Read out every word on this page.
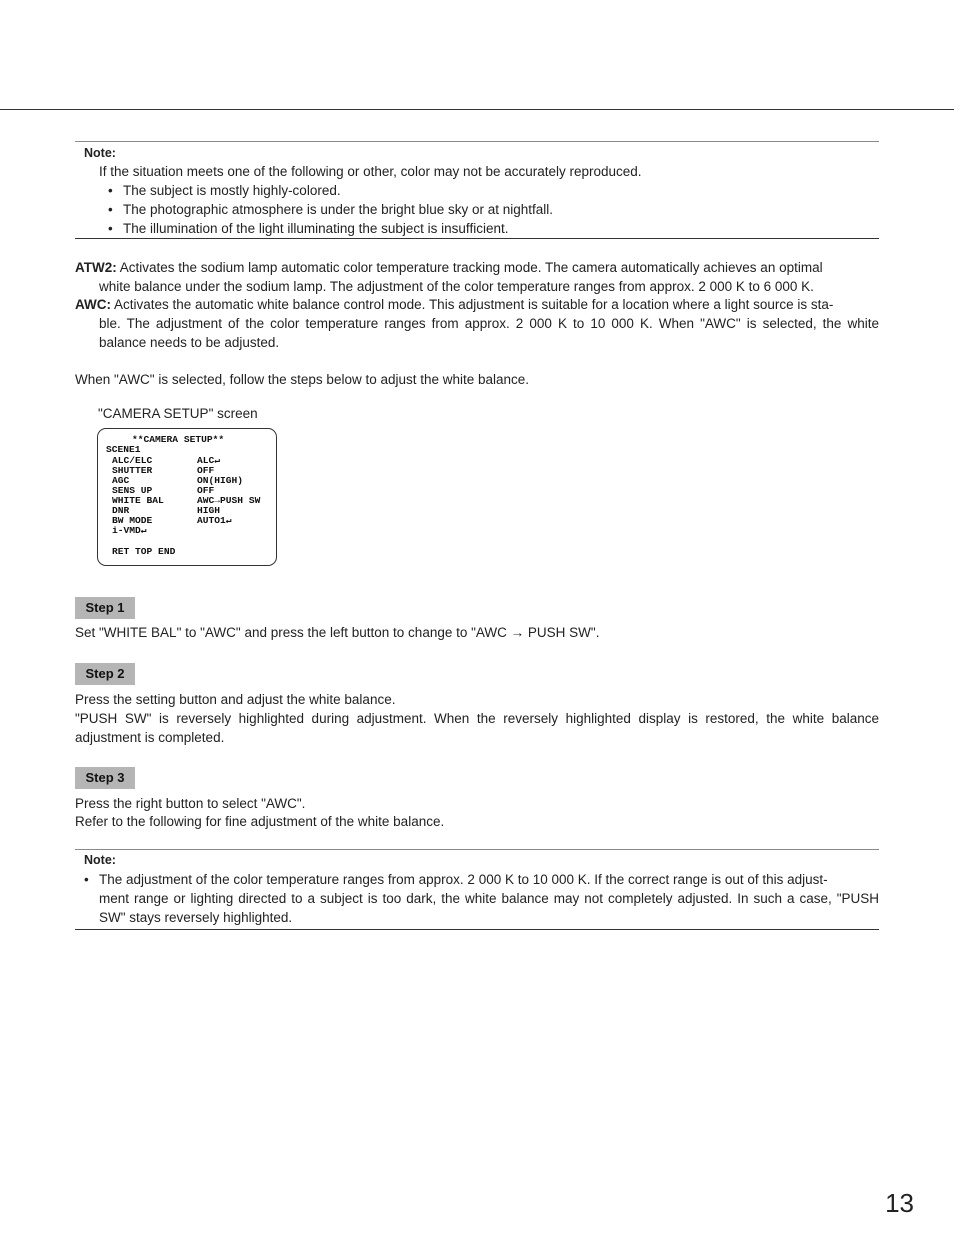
Note:
If the situation meets one of the following or other, color may not be accurately reproduced.
• The subject is mostly highly-colored.
• The photographic atmosphere is under the bright blue sky or at nightfall.
• The illumination of the light illuminating the subject is insufficient.
ATW2: Activates the sodium lamp automatic color temperature tracking mode. The camera automatically achieves an optimal
white balance under the sodium lamp. The adjustment of the color temperature ranges from approx. 2 000 K to 6 000 K.
AWC: Activates the automatic white balance control mode. This adjustment is suitable for a location where a light source is sta-
ble. The adjustment of the color temperature ranges from approx. 2 000 K to 10 000 K. When "AWC" is selected, the white balance needs to be adjusted.
When "AWC" is selected, follow the steps below to adjust the white balance.
"CAMERA SETUP" screen
**CAMERA SETUP**
SCENE1
ALC/ELC	ALC↵
SHUTTER	OFF
AGC	ON(HIGH)
SENS UP	OFF
WHITE BAL	AWC→PUSH SW
DNR	HIGH
BW MODE	AUTO1↵
i-VMD↵
RET TOP END
Step 1
Set "WHITE BAL" to "AWC" and press the left button to change to "AWC → PUSH SW".
Step 2
Press the setting button and adjust the white balance.
"PUSH SW" is reversely highlighted during adjustment. When the reversely highlighted display is restored, the white balance adjustment is completed.
Step 3
Press the right button to select "AWC".
Refer to the following for fine adjustment of the white balance.
Note:
• The adjustment of the color temperature ranges from approx. 2 000 K to 10 000 K. If the correct range is out of this adjust-
ment range or lighting directed to a subject is too dark, the white balance may not completely adjusted. In such a case, "PUSH SW" stays reversely highlighted.
13
